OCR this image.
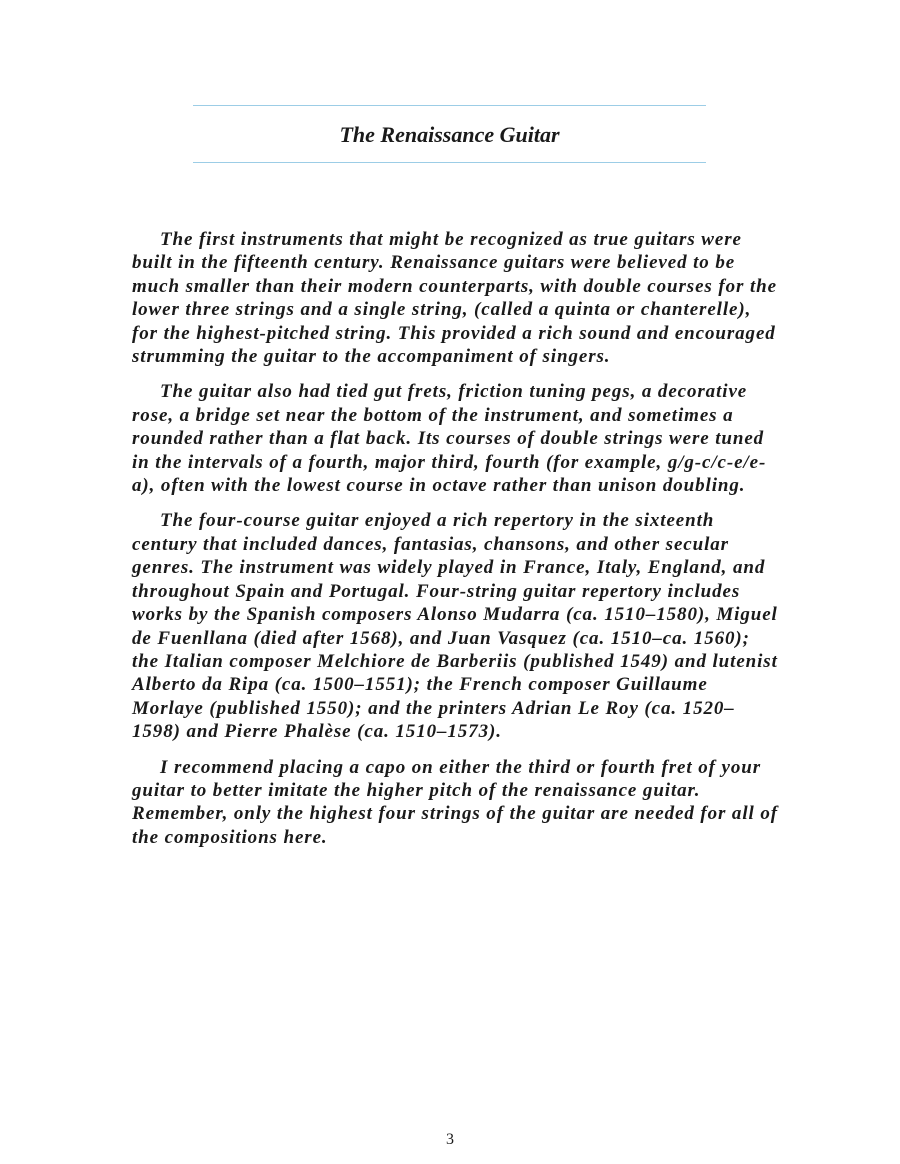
The Renaissance Guitar

The first instruments that might be recognized as true guitars were built in the fifteenth century. Renaissance guitars were believed to be much smaller than their modern counterparts, with double courses for the lower three strings and a single string, (called a quinta or chanterelle), for the highest-pitched string. This provided a rich sound and encouraged strumming the guitar to the accompaniment of singers.

The guitar also had tied gut frets, friction tuning pegs, a decorative rose, a bridge set near the bottom of the instrument, and sometimes a rounded rather than a flat back. Its courses of double strings were tuned in the intervals of a fourth, major third, fourth (for example, g/g-c/c-e/e-a), often with the lowest course in octave rather than unison doubling.

The four-course guitar enjoyed a rich repertory in the sixteenth century that included dances, fantasias, chansons, and other secular genres. The instrument was widely played in France, Italy, England, and throughout Spain and Portugal. Four-string guitar repertory includes works by the Spanish composers Alonso Mudarra (ca. 1510–1580), Miguel de Fuenllana (died after 1568), and Juan Vasquez (ca. 1510–ca. 1560); the Italian composer Melchiore de Barberiis (published 1549) and lutenist Alberto da Ripa (ca. 1500–1551); the French composer Guillaume Morlaye (published 1550); and the printers Adrian Le Roy (ca. 1520–1598) and Pierre Phalèse (ca. 1510–1573).

I recommend placing a capo on either the third or fourth fret of your guitar to better imitate the higher pitch of the renaissance guitar. Remember, only the highest four strings of the guitar are needed for all of the compositions here.

3
